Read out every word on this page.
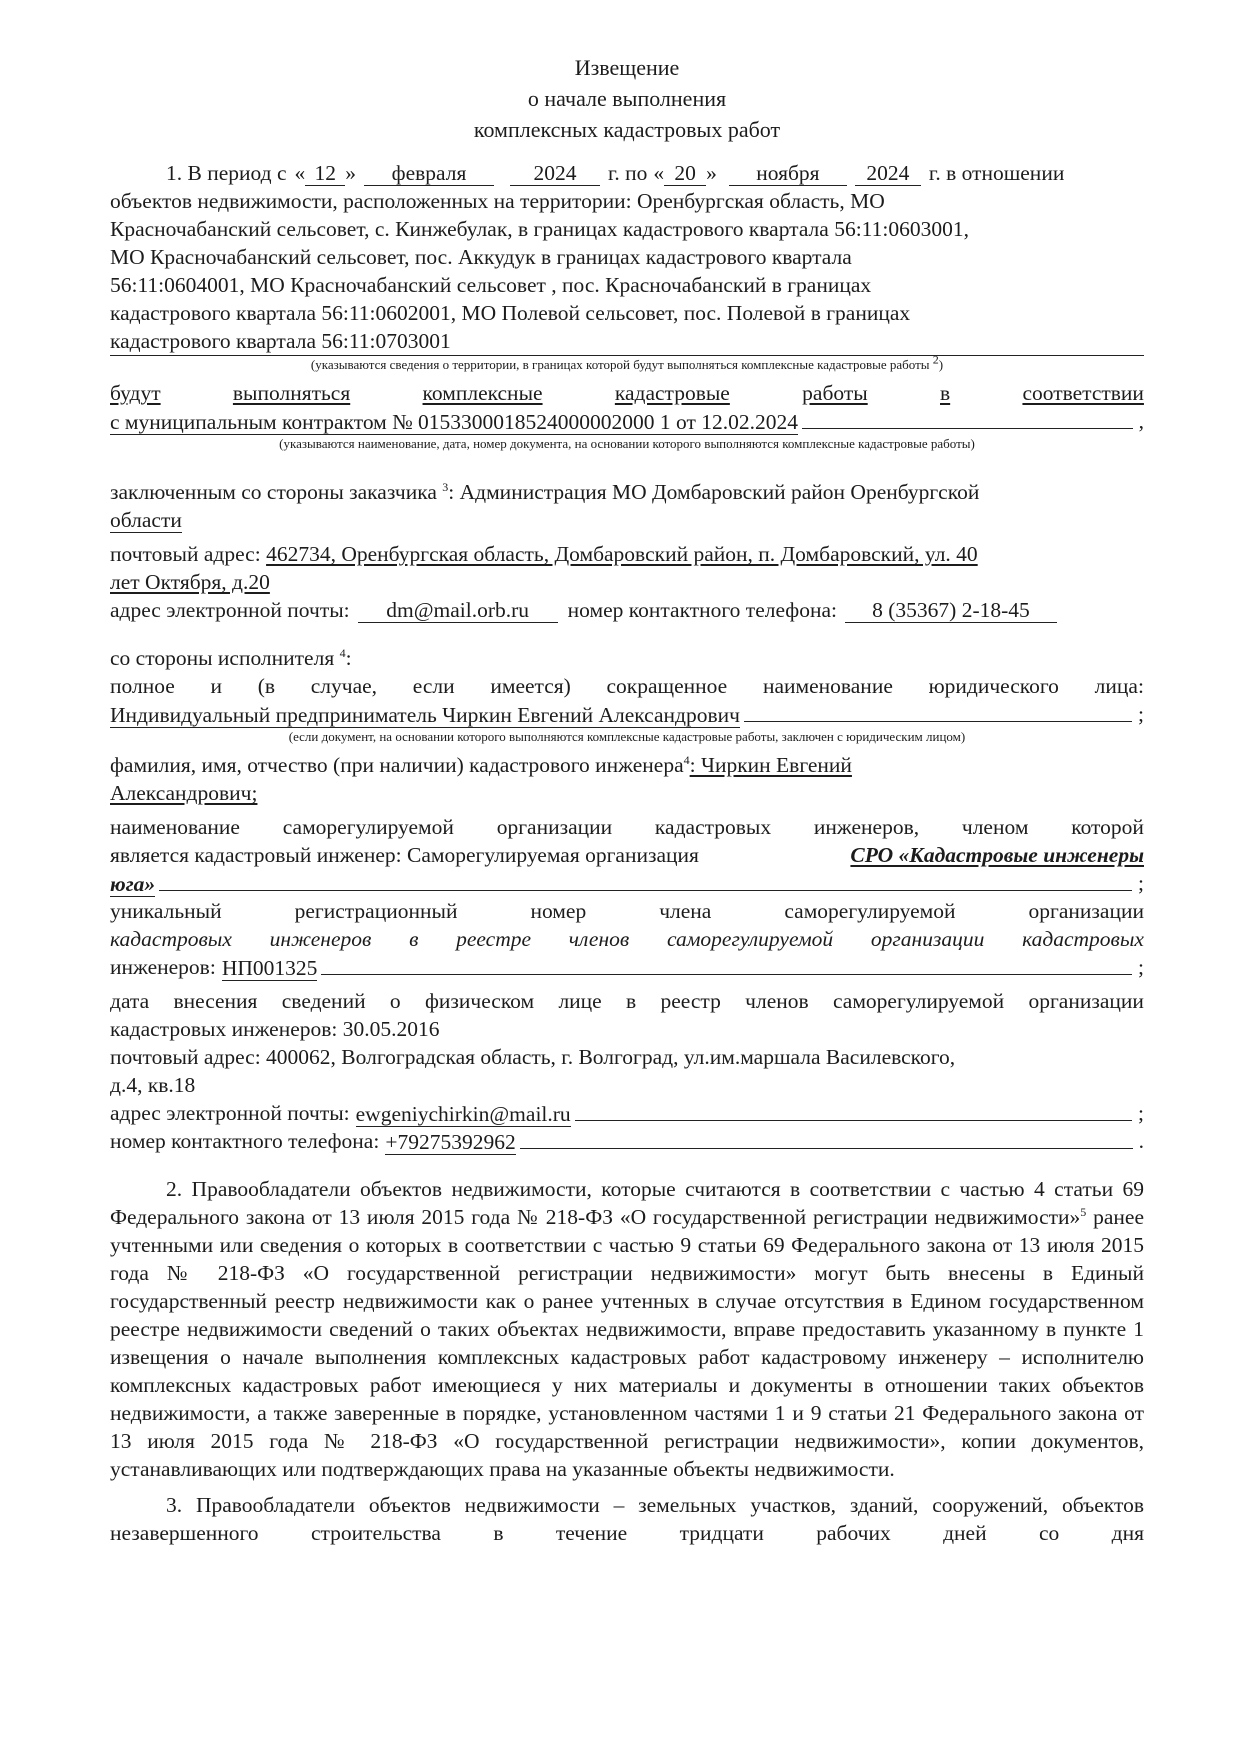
Извещение
о начале выполнения
комплексных кадастровых работ
1. В период с « 12 »	февраля	2024	г. по « 20 »	ноября	2024 г. в отношении
объектов недвижимости, расположенных на территории: Оренбургская область, МО
Красночабанский сельсовет, с. Кинжебулак, в границах кадастрового квартала 56:11:0603001,
МО Красночабанский сельсовет, пос. Аккудук в границах кадастрового квартала
56:11:0604001, МО Красночабанский сельсовет , пос. Красночабанский в границах
кадастрового квартала 56:11:0602001, МО Полевой сельсовет, пос. Полевой в границах
кадастрового квартала 56:11:0703001
(указываются сведения о территории, в границах которой будут выполняться комплексные кадастровые работы 2)
будут	выполняться	комплексные	кадастровые	работы	в	соответствии
с муниципальным контрактом № 0153300018524000002000 1 от 12.02.2024	,
(указываются наименование, дата, номер документа, на основании которого выполняются комплексные кадастровые работы)
заключенным со стороны заказчика $^3$: Администрация МО Домбаровский район Оренбургской
области
почтовый адрес: 462734, Оренбургская область, Домбаровский район, п. Домбаровский, ул. 40
лет Октября, д.20
адрес электронной почты:	dm@mail.orb.ru	номер контактного телефона:	8 (35367) 2-18-45
со стороны исполнителя $^4$:
полное и (в случае, если имеется) сокращенное наименование юридического лица:
Индивидуальный предприниматель Чиркин Евгений Александрович	;
(если документ, на основании которого выполняются комплексные кадастровые работы, заключен с юридическим лицом)
фамилия, имя, отчество (при наличии) кадастрового инженера$^4$: Чиркин Евгений
Александрович;
наименование саморегулируемой организации кадастровых инженеров, членом которой
является кадастровый инженер: Саморегулируемая организация	СРО «Кадастровые инженеры
юга»	;
уникальный	регистрационный	номер	члена	саморегулируемой	организации
кадастровых инженеров в реестре членов саморегулируемой организации кадастровых
инженеров: НП001325	;
дата внесения сведений о физическом лице в реестр членов саморегулируемой организации
кадастровых инженеров: 30.05.2016
почтовый адрес: 400062, Волгоградская область, г. Волгоград, ул.им.маршала Василевского,
д.4, кв.18
адрес электронной почты: ewgeniychirkin@mail.ru	;
номер контактного телефона: +79275392962	.
2. Правообладатели объектов недвижимости, которые считаются в соответствии с частью 4 статьи 69 Федерального закона от 13 июля 2015 года № 218-ФЗ «О государственной регистрации недвижимости»$^5$ ранее учтенными или сведения о которых в соответствии с частью 9 статьи 69 Федерального закона от 13 июля 2015 года № 218-ФЗ «О государственной регистрации недвижимости» могут быть внесены в Единый государственный реестр недвижимости как о ранее учтенных в случае отсутствия в Едином государственном реестре недвижимости сведений о таких объектах недвижимости, вправе предоставить указанному в пункте 1 извещения о начале выполнения комплексных кадастровых работ кадастровому инженеру – исполнителю комплексных кадастровых работ имеющиеся у них материалы и документы в отношении таких объектов недвижимости, а также заверенные в порядке, установленном частями 1 и 9 статьи 21 Федерального закона от 13 июля 2015 года № 218-ФЗ «О государственной регистрации недвижимости», копии документов, устанавливающих или подтверждающих права на указанные объекты недвижимости.
3. Правообладатели объектов недвижимости – земельных участков, зданий, сооружений, объектов незавершенного строительства в течение тридцати рабочих дней со дня
